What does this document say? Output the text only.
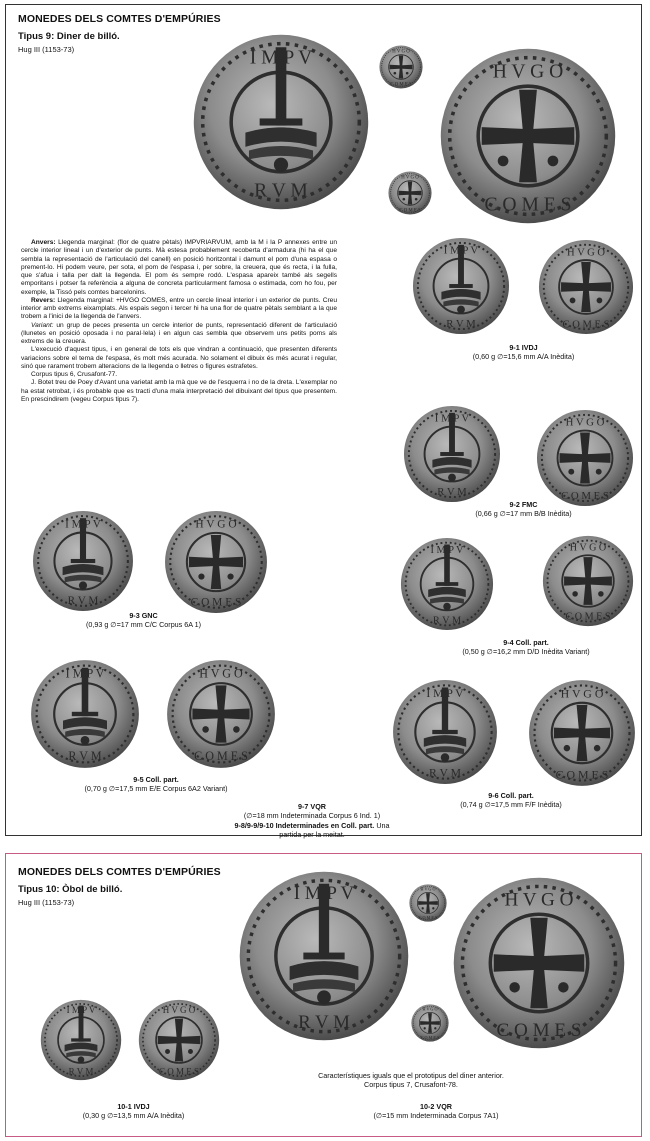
MONEDES DELS COMTES D'EMPÚRIES
Tipus 9: Diner de billó.
Hug III (1153-73)

Anvers: Llegenda marginal: (flor de quatre pètals) IMPVRIARVUM, amb la M i la P annexes entre un cercle interior lineal i un d'exterior de punts. Mà estesa probablement recoberta d'armadura (hi ha el que sembla la representació de l'articulació del canell) en posició horitzontal i damunt el pom d'una espasa o prement-lo. Hi podem veure, per sota, el pom de l'espasa i, per sobre, la creuera, que és recta, i la fulla, que s'afua i talla per dalt la llegenda. El pom és sempre rodó. L'espasa apareix també als segells emporitans i potser fa referència a alguna de concreta particularment famosa o estimada, com ho fou, per exemple, la Tissó pels comtes barcelonins.

Revers: Llegenda marginal: +HVGO COMES, entre un cercle lineal interior i un exterior de punts. Creu interior amb extrems eixamplats. Als espais segon i tercer hi ha una flor de quatre pètals semblant a la que trobem a l'inici de la llegenda de l'anvers.

Variant: un grup de peces presenta un cercle interior de punts, representació diferent de l'articulació (llunetes en posició oposada i no paral·lela) i en algun cas sembla que observem uns petits poms als extrems de la creuera.

L'execució d'aquest tipus, i en general de tots els que vindran a continuació, que presenten diferents variacions sobre el tema de l'espasa, és molt més acurada. No solament el dibuix és més acurat i regular, sinó que rarament trobem alteracions de la llegenda o lletres o figures estrafetes.

Corpus tipus 6, Crusafont-77.

J. Botet treu de Poey d'Avant una varietat amb la mà que ve de l'esquerra i no de la dreta. L'exemplar no ha estat retrobat, i és probable que es tracti d'una mala interpretació del dibuixant del tipus que presentem. En prescindirem (vegeu Corpus tipus 7).

9-1 IVDJ
(0,60 g ∅=15,6 mm A/A Inèdita)
9-2 FMC
(0,66 g ∅=17 mm B/B Inèdita)
9-3 GNC
(0,93 g ∅=17 mm C/C Corpus 6A 1)
9-4 Coll. part.
(0,50 g ∅=16,2 mm D/D Inèdita Variant)
9-5 Coll. part.
(0,70 g ∅=17,5 mm E/E Corpus 6A2 Variant)
9-6 Coll. part.
(0,74 g ∅=17,5 mm F/F Inèdita)
9-7 VQR
(∅=18 mm Indeterminada Corpus 6 Ind. 1)
9-8/9-9/9-10 Indeterminades en Coll. part. Una
partida per la meitat.
MONEDES DELS COMTES D'EMPÚRIES
Tipus 10: Òbol de billó.
Hug III (1153-73)
Característiques iguals que el prototipus del diner anterior.
Corpus tipus 7, Crusafont-78.
10-1 IVDJ
(0,30 g ∅=13,5 mm A/A Inèdita)
10-2 VQR
(∅=15 mm Indeterminada Corpus 7A1)
